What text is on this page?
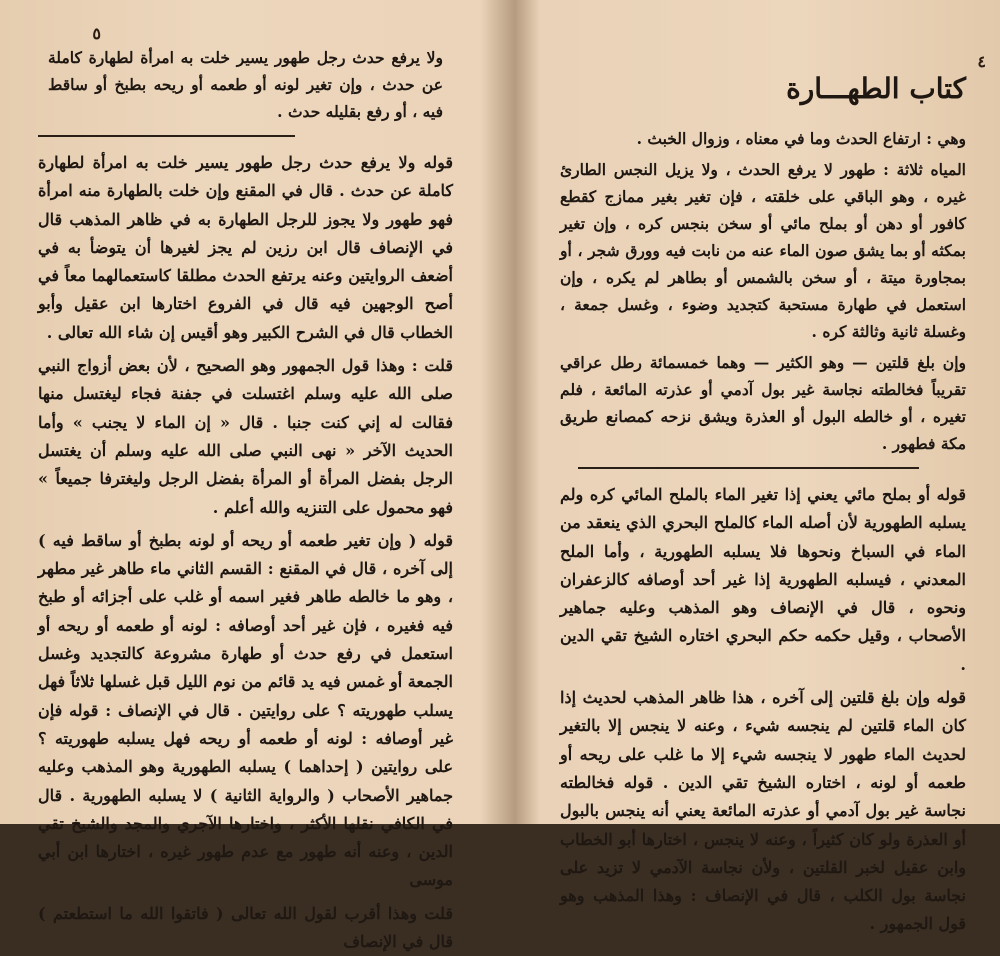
٥

ولا يرفع حدث رجل طهور يسير خلت به امرأة لطهارة كاملة عن حدث ، وإن تغير لونه أو طعمه أو ريحه بطبخ أو ساقط فيه ، أو رفع بقليله حدث .

قوله ولا يرفع حدث رجل طهور يسير خلت به امرأة لطهارة كاملة عن حدث . قال في المقنع وإن خلت بالطهارة منه امرأة فهو طهور ولا يجوز للرجل الطهارة به في ظاهر المذهب قال في الإنصاف قال ابن رزين لم يجز لغيرها أن يتوضأ به في أضعف الروايتين وعنه يرتفع الحدث مطلقا كاستعمالهما معاً في أصح الوجهين فيه قال في الفروع اختارها ابن عقيل وأبو الخطاب قال في الشرح الكبير وهو أقيس إن شاء الله تعالى .

قلت : وهذا قول الجمهور وهو الصحيح ، لأن بعض أزواج النبي صلى الله عليه وسلم اغتسلت في جفنة فجاء ليغتسل منها فقالت له إني كنت جنبا . قال « إن الماء لا يجنب » وأما الحديث الآخر « نهى النبي صلى الله عليه وسلم أن يغتسل الرجل بفضل المرأة أو المرأة بفضل الرجل وليغترفا جميعاً » فهو محمول على التنزيه والله أعلم .

قوله ( وإن تغير طعمه أو ريحه أو لونه بطبخ أو ساقط فيه ) إلى آخره ، قال في المقنع : القسم الثاني ماء طاهر غير مطهر ، وهو ما خالطه طاهر فغير اسمه أو غلب على أجزائه أو طبخ فيه فغيره ، فإن غير أحد أوصافه : لونه أو طعمه أو ريحه أو استعمل في رفع حدث أو طهارة مشروعة كالتجديد وغسل الجمعة أو غمس فيه يد قائم من نوم الليل قبل غسلها ثلاثاً فهل يسلب طهوريته ؟ على روايتين . قال في الإنصاف : قوله فإن غير أوصافه : لونه أو طعمه أو ريحه فهل يسلبه طهوريته ؟ على روايتين ( إحداهما ) يسلبه الطهورية وهو المذهب وعليه جماهير الأصحاب ( والرواية الثانية ) لا يسلبه الطهورية . قال في الكافي نقلها الأكثر ، واختارها الآجري والمجد والشيخ تقي الدين ، وعنه أنه طهور مع عدم طهور غيره ، اختارها ابن أبي موسى

قلت وهذا أقرب لقول الله تعالى ( فاتقوا الله ما استطعتم ) قال في الإنصاف

٤
كتاب الطهـــارة

وهي : ارتفاع الحدث وما في معناه ، وزوال الخبث .

المياه ثلاثة : طهور لا يرفع الحدث ، ولا يزيل النجس الطارئ غيره ، وهو الباقي على خلقته ، فإن تغير بغير ممازج كقطع كافور أو دهن أو بملح مائي أو سخن بنجس كره ، وإن تغير بمكثه أو بما يشق صون الماء عنه من نابت فيه وورق شجر ، أو بمجاورة ميتة ، أو سخن بالشمس أو بطاهر لم يكره ، وإن استعمل في طهارة مستحبة كتجديد وضوء ، وغسل جمعة ، وغسلة ثانية وثالثة كره .

وإن بلغ قلتين — وهو الكثير — وهما خمسمائة رطل عراقي تقريباً فخالطته نجاسة غير بول آدمي أو عذرته المائعة ، فلم تغيره ، أو خالطه البول أو العذرة ويشق نزحه كمصانع طريق مكة فطهور .

قوله أو بملح مائي يعني إذا تغير الماء بالملح المائي كره ولم يسلبه الطهورية لأن أصله الماء كالملح البحري الذي ينعقد من الماء في السباخ ونحوها فلا يسلبه الطهورية ، وأما الملح المعدني ، فيسلبه الطهورية إذا غير أحد أوصافه كالزعفران ونحوه ، قال في الإنصاف وهو المذهب وعليه جماهير الأصحاب ، وقيل حكمه حكم البحري اختاره الشيخ تقي الدين .

قوله وإن بلغ قلتين إلى آخره ، هذا ظاهر المذهب لحديث إذا كان الماء قلتين لم ينجسه شيء ، وعنه لا ينجس إلا بالتغير لحديث الماء طهور لا ينجسه شيء إلا ما غلب على ريحه أو طعمه أو لونه ، اختاره الشيخ تقي الدين . قوله فخالطته نجاسة غير بول آدمي أو عذرته المائعة يعني أنه ينجس بالبول أو العذرة ولو كان كثيراً ، وعنه لا ينجس ، اختارها أبو الخطاب وابن عقيل لخبر القلتين ، ولأن نجاسة الآدمي لا تزيد على نجاسة بول الكلب ، قال في الإنصاف : وهذا المذهب وهو قول الجمهور .
